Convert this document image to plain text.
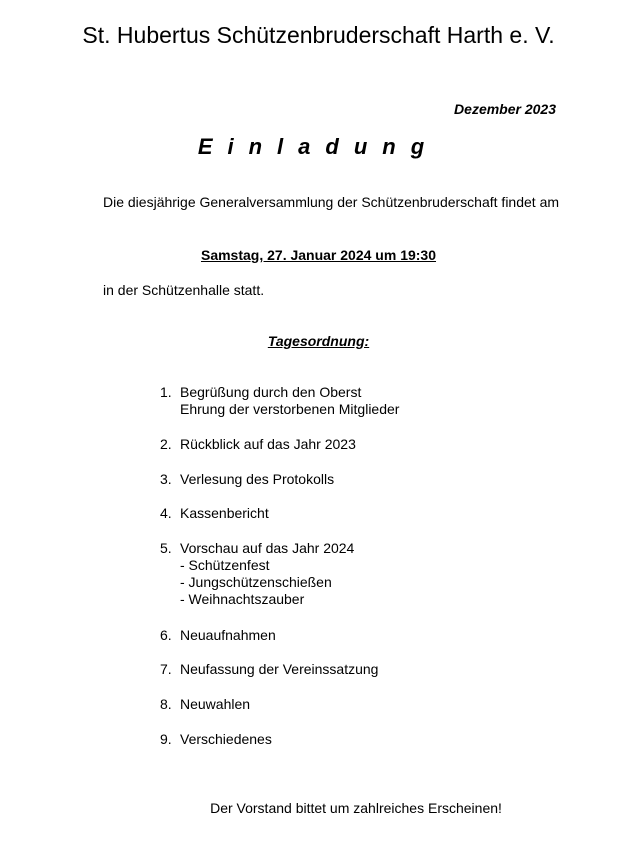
St. Hubertus Schützenbruderschaft Harth e. V.
Dezember 2023
Einladung
Die diesjährige Generalversammlung der Schützenbruderschaft findet am
Samstag, 27. Januar 2024 um 19:30
in der Schützenhalle statt.
Tagesordnung:
1. Begrüßung durch den Oberst
Ehrung der verstorbenen Mitglieder
2. Rückblick auf das Jahr 2023
3. Verlesung des Protokolls
4. Kassenbericht
5. Vorschau auf das Jahr 2024
- Schützenfest
- Jungschützenschießen
- Weihnachtszauber
6. Neuaufnahmen
7. Neufassung der Vereinssatzung
8. Neuwahlen
9. Verschiedenes
Der Vorstand bittet um zahlreiches Erscheinen!
